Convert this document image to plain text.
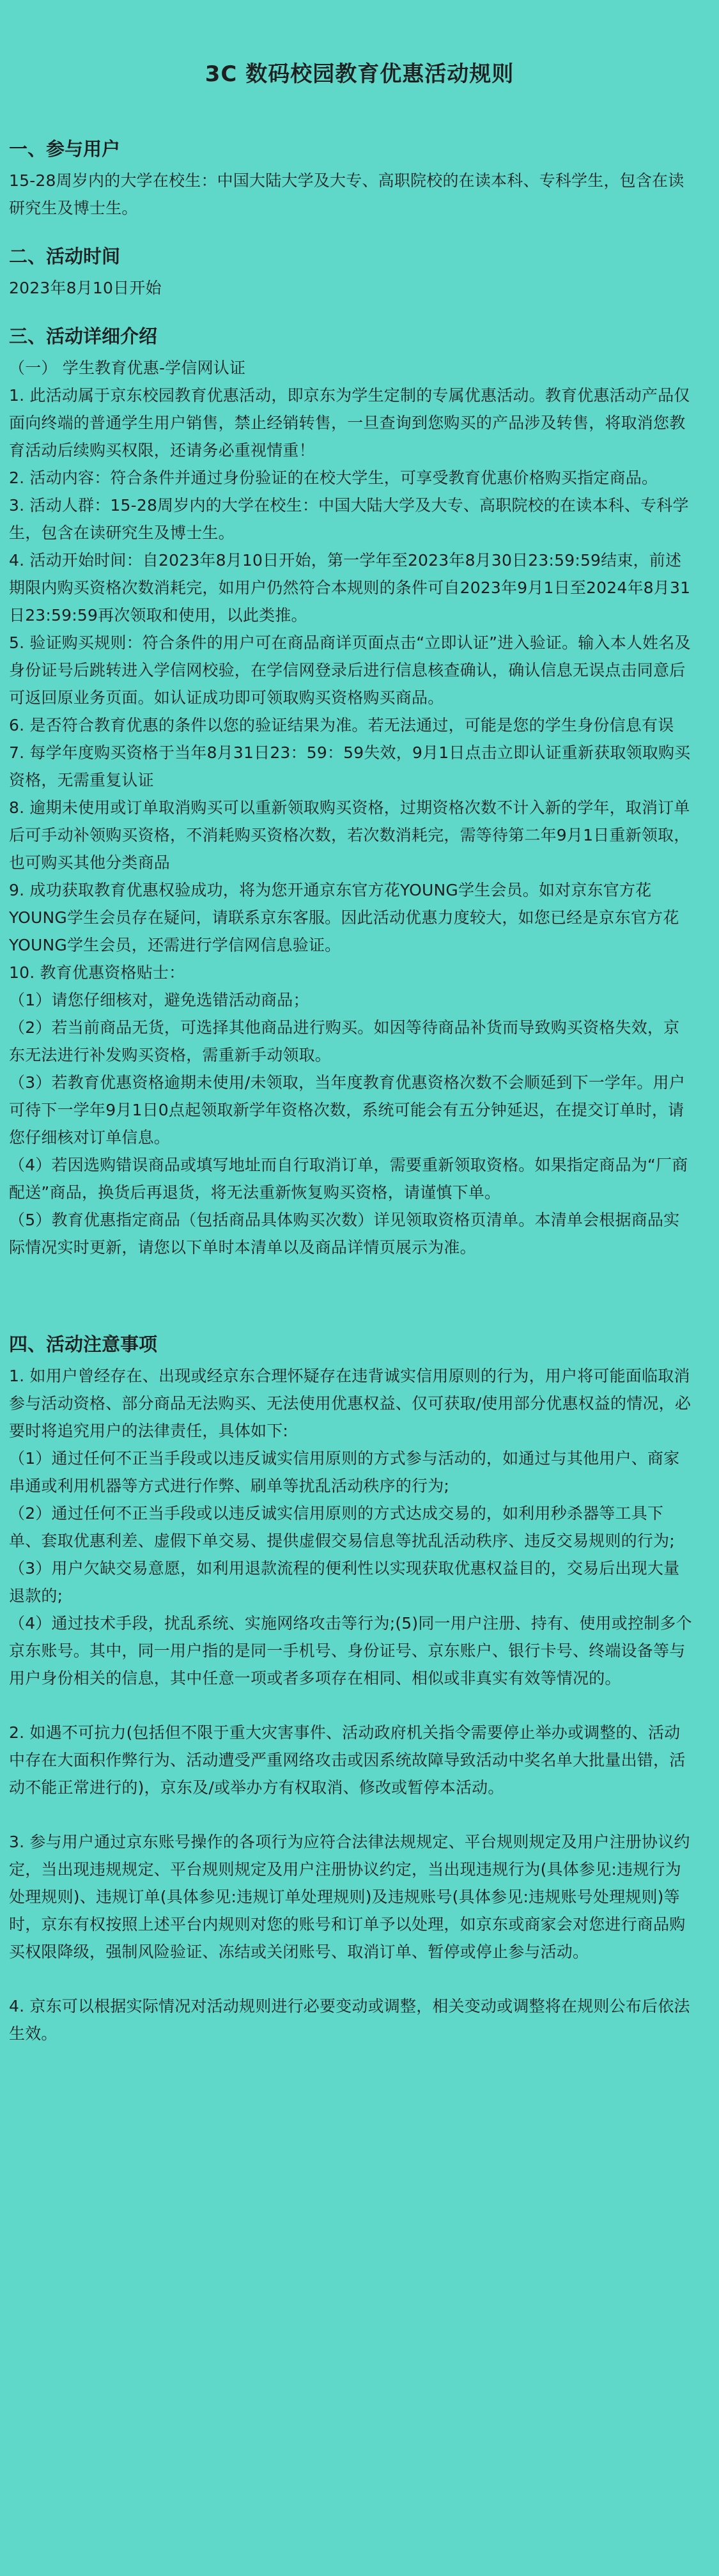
3C 数码校园教育优惠活动规则
一、参与用户

15-28周岁内的大学在校生：中国大陆大学及大专、高职院校的在读本科、专科学生，包含在读研究生及博士生。

二、活动时间

2023年8月10日开始

三、活动详细介绍

（一） 学生教育优惠-学信网认证

1. 此活动属于京东校园教育优惠活动，即京东为学生定制的专属优惠活动。教育优惠活动产品仅面向终端的普通学生用户销售，禁止经销转售，一旦查询到您购买的产品涉及转售，将取消您教育活动后续购买权限，还请务必重视情重！

2. 活动内容：符合条件并通过身份验证的在校大学生，可享受教育优惠价格购买指定商品。

3. 活动人群：15-28周岁内的大学在校生：中国大陆大学及大专、高职院校的在读本科、专科学生，包含在读研究生及博士生。

4. 活动开始时间：自2023年8月10日开始，第一学年至2023年8月30日23:59:59结束，前述期限内购买资格次数消耗完，如用户仍然符合本规则的条件可自2023年9月1日至2024年8月31日23:59:59再次领取和使用，以此类推。

5. 验证购买规则：符合条件的用户可在商品商详页面点击“立即认证”进入验证。输入本人姓名及身份证号后跳转进入学信网校验，在学信网登录后进行信息核查确认，确认信息无误点击同意后可返回原业务页面。如认证成功即可领取购买资格购买商品。

6. 是否符合教育优惠的条件以您的验证结果为准。若无法通过，可能是您的学生身份信息有误

7. 每学年度购买资格于当年8月31日23：59：59失效，9月1日点击立即认证重新获取领取购买资格，无需重复认证

8. 逾期未使用或订单取消购买可以重新领取购买资格，过期资格次数不计入新的学年，取消订单后可手动补领购买资格，不消耗购买资格次数，若次数消耗完，需等待第二年9月1日重新领取，也可购买其他分类商品

9. 成功获取教育优惠权验成功，将为您开通京东官方花YOUNG学生会员。如对京东官方花YOUNG学生会员存在疑问，请联系京东客服。因此活动优惠力度较大，如您已经是京东官方花YOUNG学生会员，还需进行学信网信息验证。

10. 教育优惠资格贴士：

（1）请您仔细核对，避免选错活动商品；

（2）若当前商品无货，可选择其他商品进行购买。如因等待商品补货而导致购买资格失效，京东无法进行补发购买资格，需重新手动领取。

（3）若教育优惠资格逾期未使用/未领取，当年度教育优惠资格次数不会顺延到下一学年。用户可待下一学年9月1日0点起领取新学年资格次数，系统可能会有五分钟延迟，在提交订单时，请您仔细核对订单信息。

（4）若因选购错误商品或填写地址而自行取消订单，需要重新领取资格。如果指定商品为“厂商配送”商品，换货后再退货，将无法重新恢复购买资格，请谨慎下单。

（5）教育优惠指定商品（包括商品具体购买次数）详见领取资格页清单。本清单会根据商品实际情况实时更新，请您以下单时本清单以及商品详情页展示为准。

四、活动注意事项

1. 如用户曾经存在、出现或经京东合理怀疑存在违背诚实信用原则的行为，用户将可能面临取消参与活动资格、部分商品无法购买、无法使用优惠权益、仅可获取/使用部分优惠权益的情况，必要时将追究用户的法律责任，具体如下:

（1）通过任何不正当手段或以违反诚实信用原则的方式参与活动的，如通过与其他用户、商家串通或利用机器等方式进行作弊、刷单等扰乱活动秩序的行为;

（2）通过任何不正当手段或以违反诚实信用原则的方式达成交易的，如利用秒杀器等工具下单、套取优惠利差、虚假下单交易、提供虚假交易信息等扰乱活动秩序、违反交易规则的行为;

（3）用户欠缺交易意愿，如利用退款流程的便利性以实现获取优惠权益目的，交易后出现大量退款的;

（4）通过技术手段，扰乱系统、实施网络攻击等行为;(5)同一用户注册、持有、使用或控制多个京东账号。其中，同一用户指的是同一手机号、身份证号、京东账户、银行卡号、终端设备等与用户身份相关的信息，其中任意一项或者多项存在相同、相似或非真实有效等情况的。

2. 如遇不可抗力(包括但不限于重大灾害事件、活动政府机关指令需要停止举办或调整的、活动中存在大面积作弊行为、活动遭受严重网络攻击或因系统故障导致活动中奖名单大批量出错，活动不能正常进行的)，京东及/或举办方有权取消、修改或暂停本活动。

3. 参与用户通过京东账号操作的各项行为应符合法律法规规定、平台规则规定及用户注册协议约定，当出现违规规定、平台规则规定及用户注册协议约定，当出现违规行为(具体参见:违规行为处理规则)、违规订单(具体参见:违规订单处理规则)及违规账号(具体参见:违规账号处理规则)等时，京东有权按照上述平台内规则对您的账号和订单予以处理，如京东或商家会对您进行商品购买权限降级，强制风险验证、冻结或关闭账号、取消订单、暂停或停止参与活动。

4. 京东可以根据实际情况对活动规则进行必要变动或调整，相关变动或调整将在规则公布后依法生效。
